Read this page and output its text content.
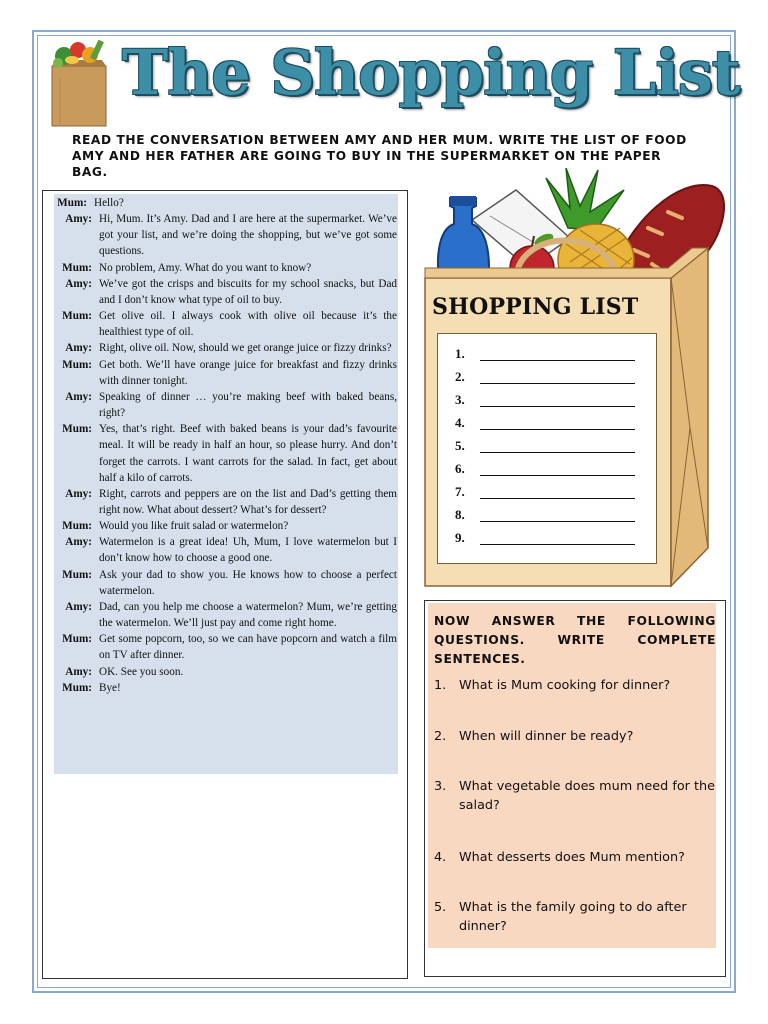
The Shopping List
READ THE CONVERSATION BETWEEN AMY AND HER MUM. WRITE THE LIST OF FOOD AMY AND HER FATHER ARE GOING TO BUY IN THE SUPERMARKET ON THE PAPER BAG.
Mum: Hello?
Amy: Hi, Mum. It’s Amy. Dad and I are here at the supermarket. We’ve got your list, and we’re doing the shopping, but we’ve got some questions.
Mum: No problem, Amy. What do you want to know?
Amy: We’ve got the crisps and biscuits for my school snacks, but Dad and I don’t know what type of oil to buy.
Mum: Get olive oil. I always cook with olive oil because it’s the healthiest type of oil.
Amy: Right, olive oil. Now, should we get orange juice or fizzy drinks?
Mum: Get both. We’ll have orange juice for breakfast and fizzy drinks with dinner tonight.
Amy: Speaking of dinner … you’re making beef with baked beans, right?
Mum: Yes, that’s right. Beef with baked beans is your dad’s favourite meal. It will be ready in half an hour, so please hurry. And don’t forget the carrots. I want carrots for the salad. In fact, get about half a kilo of carrots.
Amy: Right, carrots and peppers are on the list and Dad’s getting them right now. What about dessert? What’s for dessert?
Mum: Would you like fruit salad or watermelon?
Amy: Watermelon is a great idea! Uh, Mum, I love watermelon but I don’t know how to choose a good one.
Mum: Ask your dad to show you. He knows how to choose a perfect watermelon.
Amy: Dad, can you help me choose a watermelon? Mum, we’re getting the watermelon. We’ll just pay and come right home.
Mum: Get some popcorn, too, so we can have popcorn and watch a film on TV after dinner.
Amy: OK. See you soon.
Mum: Bye!
SHOPPING LIST
1.
2.
3.
4.
5.
6.
7.
8.
9.
NOW ANSWER THE FOLLOWING QUESTIONS. WRITE COMPLETE SENTENCES.
1. What is Mum cooking for dinner?
2. When will dinner be ready?
3. What vegetable does mum need for the salad?
4. What desserts does Mum mention?
5. What is the family going to do after dinner?
